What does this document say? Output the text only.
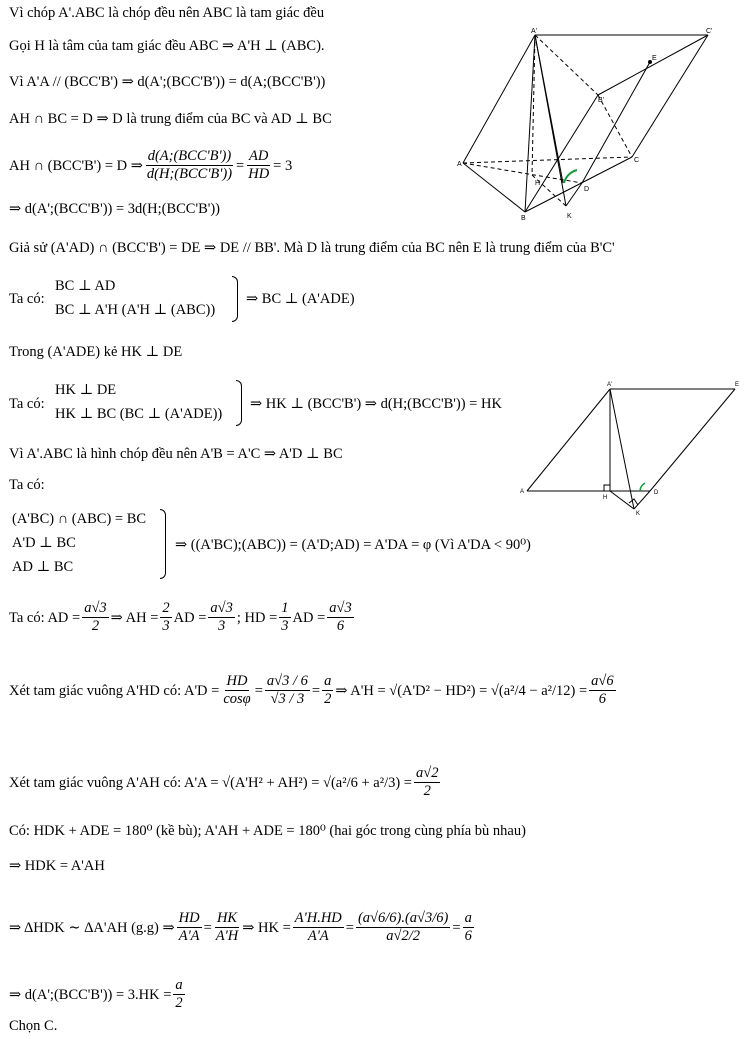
Vì chóp A'.ABC là chóp đều nên ABC là tam giác đều
Gọi H là tâm của tam giác đều ABC ⇒ A'H ⊥ (ABC).
Vì A'A // (BCC'B') ⇒ d(A';(BCC'B')) = d(A;(BCC'B'))
AH ∩ BC = D ⇒ D là trung điểm của BC và AD ⊥ BC
AH ∩ (BCC'B') = D ⇒ $\frac{\text{d(A;(BCC'B'))}}{\text{d(H;(BCC'B'))}} = \frac{AD}{HD} = 3$
⇒ d(A';(BCC'B')) = 3d(H;(BCC'B'))
Giả sử (A'AD) ∩ (BCC'B') = DE ⇒ DE // BB'. Mà D là trung điểm của BC nên E là trung điểm của B'C'
Ta có:
BC ⊥ AD
BC ⊥ A'H (A'H ⊥ (ABC))
⇒ BC ⊥ (A'ADE)
Trong (A'ADE) kẻ HK ⊥ DE
Ta có:
HK ⊥ DE
HK ⊥ BC (BC ⊥ (A'ADE))
⇒ HK ⊥ (BCC'B') ⇒ d(H;(BCC'B')) = HK
Vì A'.ABC là hình chóp đều nên A'B = A'C ⇒ A'D ⊥ BC
Ta có:
(A'BC) ∩ (ABC) = BC
A'D ⊥ BC
AD ⊥ BC
⇒ ((A'BC);(ABC)) = (A'D;AD) = A'DA = φ (Vì A'DA < 90⁰)
Ta có: AD = $\frac{a√3}{2}$ ⇒ AH = $\frac{2}{3}$ AD = $\frac{a√3}{3}$ ; HD = $\frac{1}{3}$ AD = $\frac{a√3}{6}$
Xét tam giác vuông A'HD có: $A'D = \frac{HD}{\cos\varphi} = \frac{a√3 / 6}{√3 / 3} = \frac{a}{2}$ ⇒ $A'H = √(A'D^2 - HD^2) = √(a^2/4 - a^2/12) = \frac{a√6}{6}$
Xét tam giác vuông A'AH có: $A'A = √(A'H^2 + AH^2) = √(a^2/6 + a^2/3) = \frac{a√2}{2}$
Có: HDK + ADE = 180⁰ (kề bù); A'AH + ADE = 180⁰ (hai góc trong cùng phía bù nhau)
⇒ HDK = A'AH
⇒ ΔHDK ∼ ΔA'AH (g.g) ⇒ $\frac{HD}{A'A} = \frac{HK}{A'H}$ ⇒ HK = $\frac{A'H.HD}{A'A} = \frac{(a√6/6).(a√3/6)}{a√2/2} = \frac{a}{6}$
⇒ d(A';(BCC'B')) = $3.HK = \frac{a}{2}$
Chọn C.
A'	C'
B'
E
A
C
D
H
B	K
A'	E
A
H
D
K
